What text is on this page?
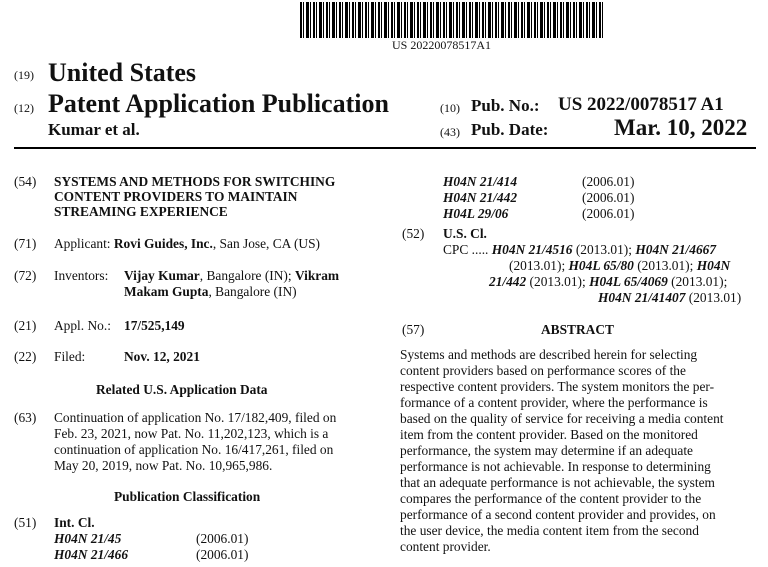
US 20220078517A1
(19) United States
(12) Patent Application Publication
Kumar et al.
(10) Pub. No.: US 2022/0078517 A1
(43) Pub. Date:	Mar. 10, 2022
(54) SYSTEMS AND METHODS FOR SWITCHING
CONTENT PROVIDERS TO MAINTAIN
STREAMING EXPERIENCE
(71) Applicant: Rovi Guides, Inc., San Jose, CA (US)
(72) Inventors: Vijay Kumar, Bangalore (IN); Vikram
Makam Gupta, Bangalore (IN)
(21) Appl. No.: 17/525,149
(22) Filed:	Nov. 12, 2021
Related U.S. Application Data
(63) Continuation of application No. 17/182,409, filed on
Feb. 23, 2021, now Pat. No. 11,202,123, which is a
continuation of application No. 16/417,261, filed on
May 20, 2019, now Pat. No. 10,965,986.
Publication Classification
(51) Int. Cl.
H04N 21/45	(2006.01)
H04N 21/466	(2006.01)
H04N 21/414	(2006.01)
H04N 21/442	(2006.01)
H04L 29/06	(2006.01)
(52) U.S. Cl.
CPC ..... H04N 21/4516 (2013.01); H04N 21/4667
(2013.01); H04L 65/80 (2013.01); H04N
21/442 (2013.01); H04L 65/4069 (2013.01);
H04N 21/41407 (2013.01)
(57)	ABSTRACT
Systems and methods are described herein for selecting
content providers based on performance scores of the
respective content providers. The system monitors the per-
formance of a content provider, where the performance is
based on the quality of service for receiving a media content
item from the content provider. Based on the monitored
performance, the system may determine if an adequate
performance is not achievable. In response to determining
that an adequate performance is not achievable, the system
compares the performance of the content provider to the
performance of a second content provider and provides, on
the user device, the media content item from the second
content provider.
